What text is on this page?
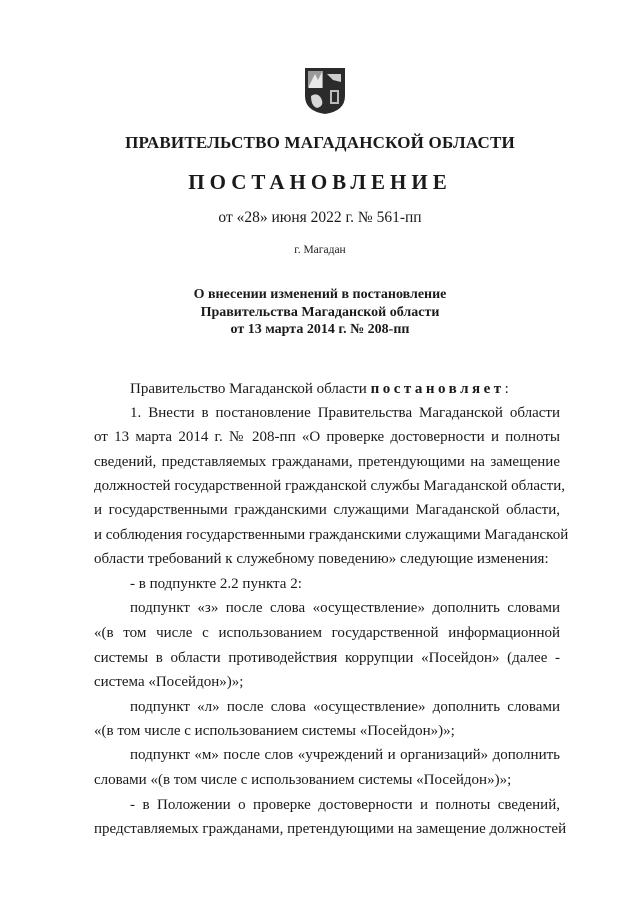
ПРАВИТЕЛЬСТВО МАГАДАНСКОЙ ОБЛАСТИ
ПОСТАНОВЛЕНИЕ
от «28» июня 2022 г. № 561-пп
г. Магадан
О внесении изменений в постановление
Правительства Магаданской области
от 13 марта 2014 г. № 208-пп
Правительство Магаданской области постановляет:
1. Внести в постановление Правительства Магаданской области
от 13 марта 2014 г. № 208-пп «О проверке достоверности и полноты
сведений, представляемых гражданами, претендующими на замещение
должностей государственной гражданской службы Магаданской области,
и государственными гражданскими служащими Магаданской области,
и соблюдения государственными гражданскими служащими Магаданской
области требований к служебному поведению» следующие изменения:
- в подпункте 2.2 пункта 2:
подпункт «з» после слова «осуществление» дополнить словами
«(в том числе с использованием государственной информационной
системы в области противодействия коррупции «Посейдон» (далее -
система «Посейдон»)»;
подпункт «л» после слова «осуществление» дополнить словами
«(в том числе с использованием системы «Посейдон»)»;
подпункт «м» после слов «учреждений и организаций» дополнить
словами «(в том числе с использованием системы «Посейдон»)»;
- в Положении о проверке достоверности и полноты сведений,
представляемых гражданами, претендующими на замещение должностей
